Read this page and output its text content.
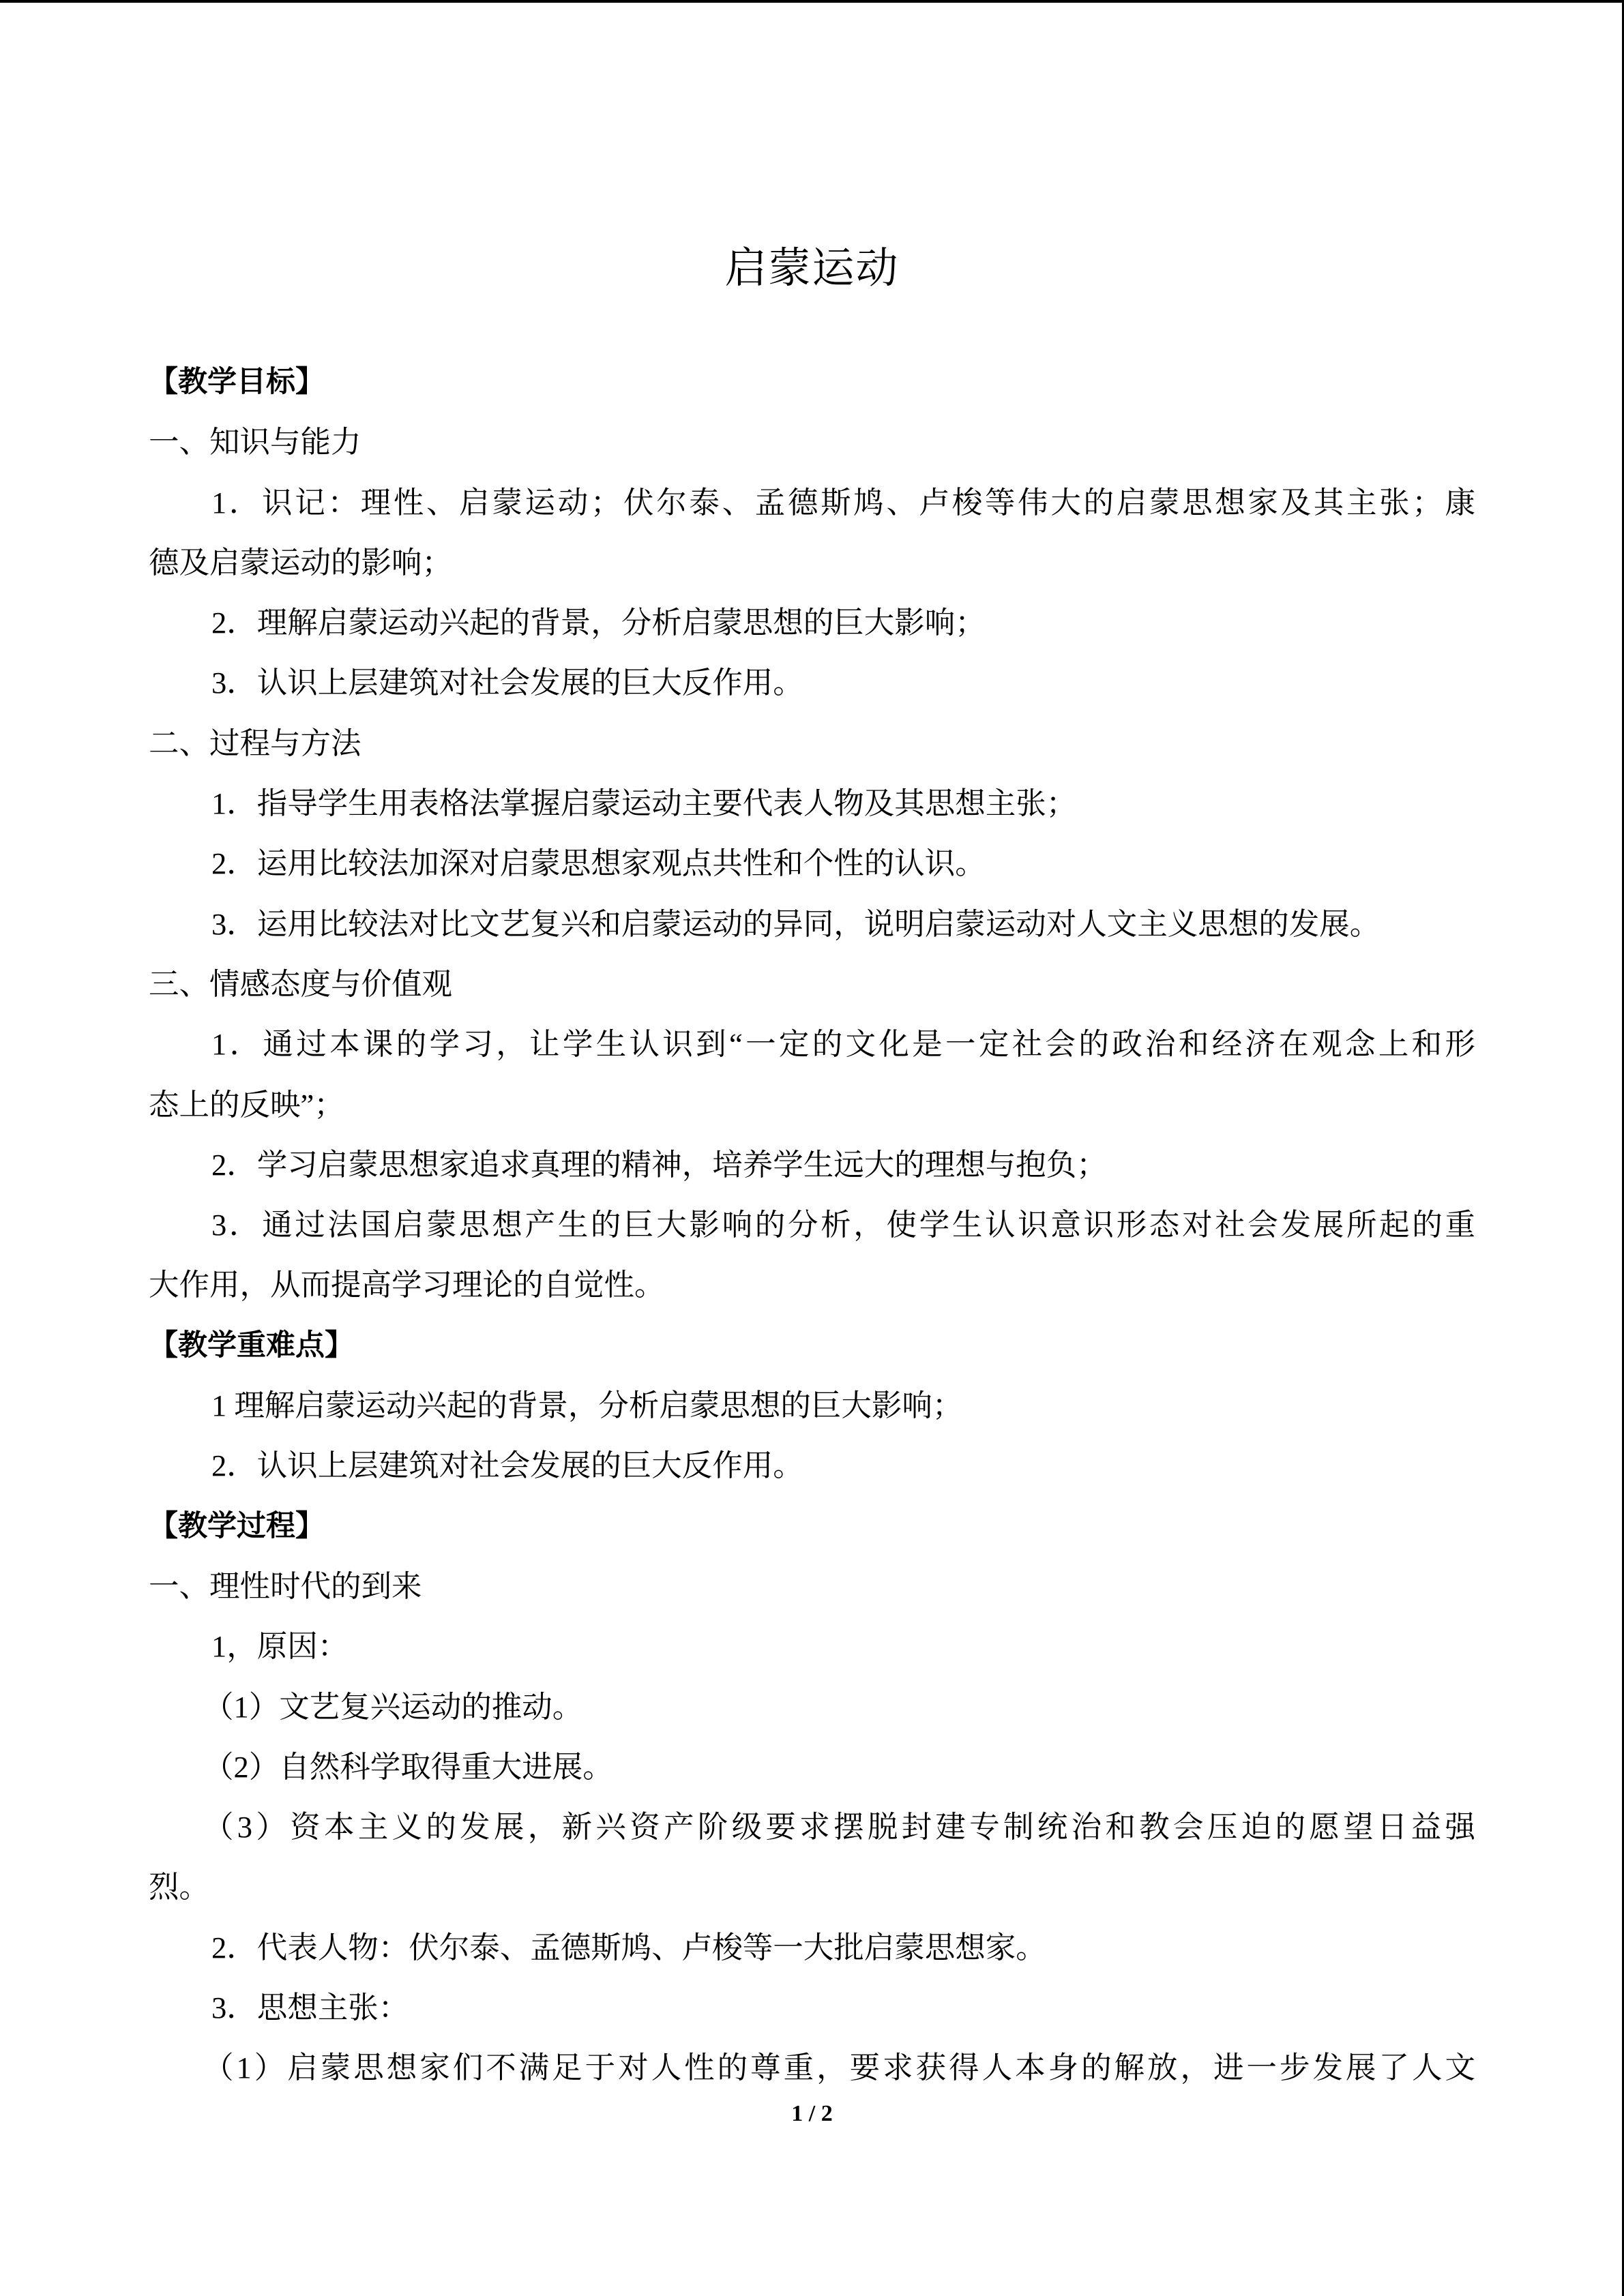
启蒙运动
【教学目标】
一、知识与能力
1．识记：理性、启蒙运动；伏尔泰、孟德斯鸠、卢梭等伟大的启蒙思想家及其主张；康
德及启蒙运动的影响；
2．理解启蒙运动兴起的背景，分析启蒙思想的巨大影响；
3．认识上层建筑对社会发展的巨大反作用。
二、过程与方法
1．指导学生用表格法掌握启蒙运动主要代表人物及其思想主张；
2．运用比较法加深对启蒙思想家观点共性和个性的认识。
3．运用比较法对比文艺复兴和启蒙运动的异同，说明启蒙运动对人文主义思想的发展。
三、情感态度与价值观
1．通过本课的学习，让学生认识到“一定的文化是一定社会的政治和经济在观念上和形
态上的反映”；
2．学习启蒙思想家追求真理的精神，培养学生远大的理想与抱负；
3．通过法国启蒙思想产生的巨大影响的分析，使学生认识意识形态对社会发展所起的重
大作用，从而提高学习理论的自觉性。
【教学重难点】
1 理解启蒙运动兴起的背景，分析启蒙思想的巨大影响；
2．认识上层建筑对社会发展的巨大反作用。
【教学过程】
一、理性时代的到来
1，原因：
（1）文艺复兴运动的推动。
（2）自然科学取得重大进展。
（3）资本主义的发展，新兴资产阶级要求摆脱封建专制统治和教会压迫的愿望日益强
烈。
2．代表人物：伏尔泰、孟德斯鸠、卢梭等一大批启蒙思想家。
3．思想主张：
（1）启蒙思想家们不满足于对人性的尊重，要求获得人本身的解放，进一步发展了人文
1 / 2
